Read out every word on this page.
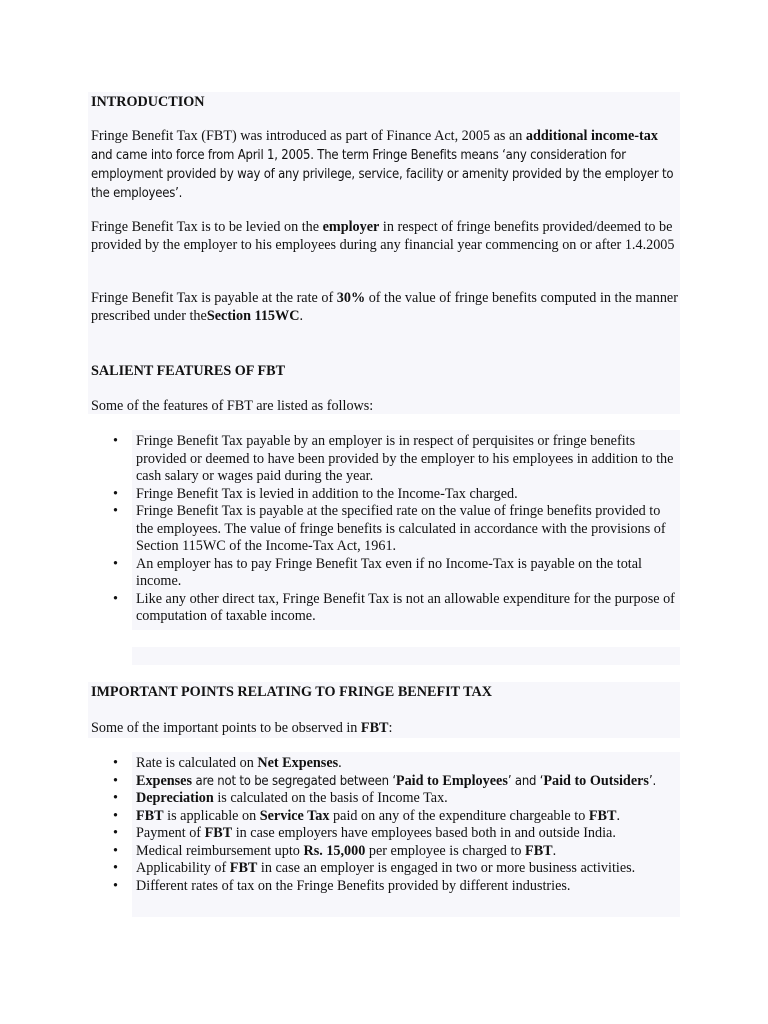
INTRODUCTION

Fringe Benefit Tax (FBT) was introduced as part of Finance Act, 2005 as an additional income-tax and came into force from April 1, 2005. The term Fringe Benefits means ‘any consideration for employment provided by way of any privilege, service, facility or amenity provided by the employer to the employees’.

Fringe Benefit Tax is to be levied on the employer in respect of fringe benefits provided/deemed to be provided by the employer to his employees during any financial year commencing on or after 1.4.2005

Fringe Benefit Tax is payable at the rate of 30% of the value of fringe benefits computed in the manner prescribed under theSection 115WC.

SALIENT FEATURES OF FBT

Some of the features of FBT are listed as follows:

• Fringe Benefit Tax payable by an employer is in respect of perquisites or fringe benefits provided or deemed to have been provided by the employer to his employees in addition to the cash salary or wages paid during the year.
• Fringe Benefit Tax is levied in addition to the Income-Tax charged.
• Fringe Benefit Tax is payable at the specified rate on the value of fringe benefits provided to the employees. The value of fringe benefits is calculated in accordance with the provisions of Section 115WC of the Income-Tax Act, 1961.
• An employer has to pay Fringe Benefit Tax even if no Income-Tax is payable on the total income.
• Like any other direct tax, Fringe Benefit Tax is not an allowable expenditure for the purpose of computation of taxable income.

IMPORTANT POINTS RELATING TO FRINGE BENEFIT TAX

Some of the important points to be observed in FBT:

• Rate is calculated on Net Expenses.
• Expenses are not to be segregated between ‘Paid to Employees’ and ‘Paid to Outsiders’.
• Depreciation is calculated on the basis of Income Tax.
• FBT is applicable on Service Tax paid on any of the expenditure chargeable to FBT.
• Payment of FBT in case employers have employees based both in and outside India.
• Medical reimbursement upto Rs. 15,000 per employee is charged to FBT.
• Applicability of FBT in case an employer is engaged in two or more business activities.
• Different rates of tax on the Fringe Benefits provided by different industries.
